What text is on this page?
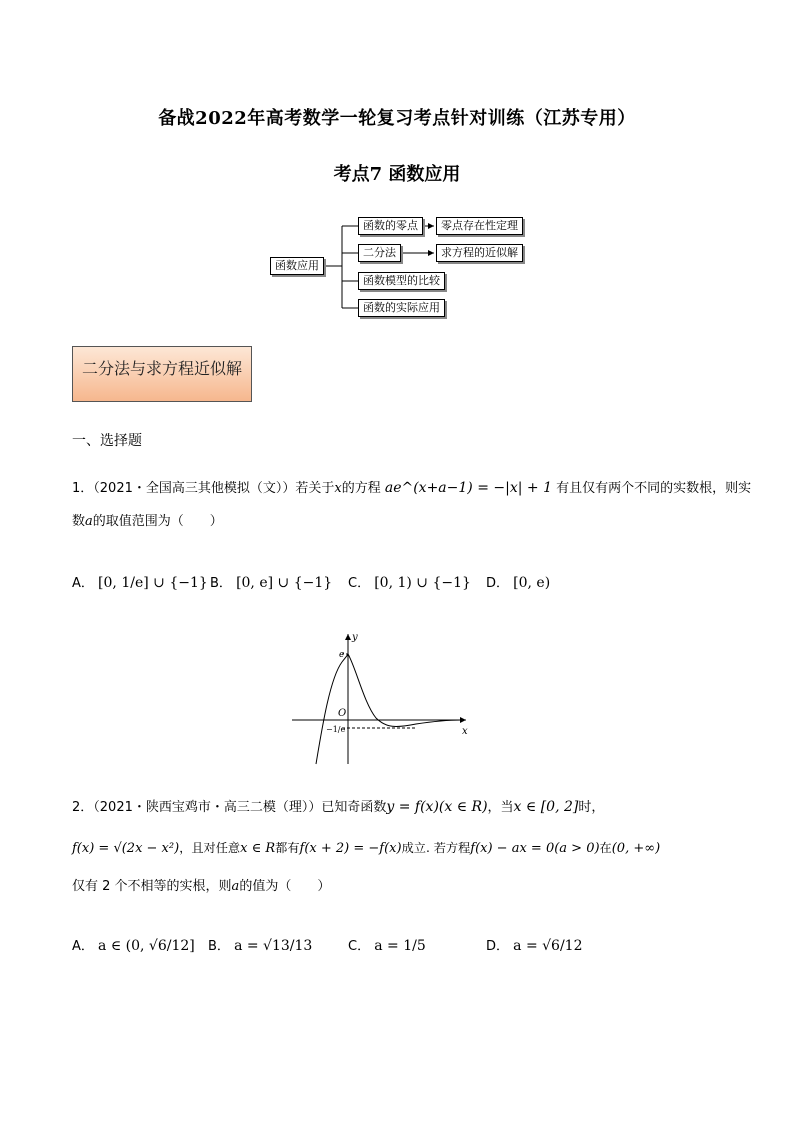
备战2022年高考数学一轮复习考点针对训练（江苏专用）
考点7 函数应用
函数应用
函数的零点
二分法
函数模型的比较
函数的实际应用
零点存在性定理
求方程的近似解
二分法与求方程近似解
一、选择题
1．（2021・全国高三其他模拟（文））若关于x的方程 ae^(x+a−1) = −|x| + 1 有且仅有两个不同的实数根，则实
数a的取值范围为（　　）
A． [0, 1/e] ∪ {−1} B． [0, e] ∪ {−1} C． [0, 1) ∪ {−1} D． [0, e)
y
x
O
e
−1/e
2．（2021・陕西宝鸡市・高三二模（理））已知奇函数y = f(x)(x ∈ R)，当x ∈ [0, 2]时，
f(x) = √(2x − x²)，且对任意x ∈ R都有f(x + 2) = −f(x)成立. 若方程f(x) − ax = 0(a > 0)在(0, +∞)
仅有 2 个不相等的实根，则a的值为（　　）
A． a ∈ (0, √6/12] B． a = √13/13	C． a = 1/5	D． a = √6/12
